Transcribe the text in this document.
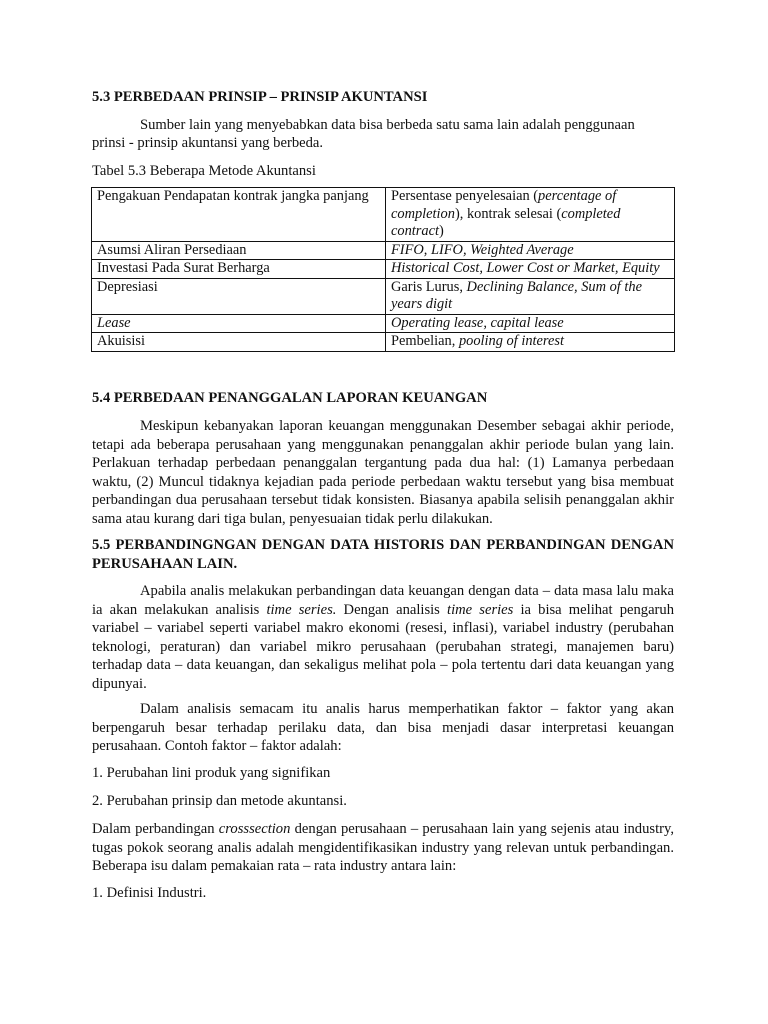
5.3 PERBEDAAN PRINSIP – PRINSIP AKUNTANSI

Sumber lain yang menyebabkan data bisa berbeda satu sama lain adalah penggunaan

prinsi - prinsip akuntansi yang berbeda.

Tabel 5.3 Beberapa Metode Akuntansi

Pengakuan Pendapatan kontrak jangka panjang	Persentase penyelesaian (percentage of completion), kontrak selesai (completed contract)
Asumsi Aliran Persediaan	FIFO, LIFO, Weighted Average
Investasi Pada Surat Berharga	Historical Cost, Lower Cost or Market, Equity
Depresiasi	Garis Lurus, Declining Balance, Sum of the years digit
Lease	Operating lease, capital lease
Akuisisi	Pembelian, pooling of interest
5.4 PERBEDAAN PENANGGALAN LAPORAN KEUANGAN

Meskipun kebanyakan laporan keuangan menggunakan Desember sebagai akhir periode, tetapi ada beberapa perusahaan yang menggunakan penanggalan akhir periode bulan yang lain. Perlakuan terhadap perbedaan penanggalan tergantung pada dua hal: (1) Lamanya perbedaan waktu, (2) Muncul tidaknya kejadian pada periode perbedaan waktu tersebut yang bisa membuat perbandingan dua perusahaan tersebut tidak konsisten. Biasanya apabila selisih penanggalan akhir sama atau kurang dari tiga bulan, penyesuaian tidak perlu dilakukan.

5.5 PERBANDINGNGAN DENGAN DATA HISTORIS DAN PERBANDINGAN DENGAN PERUSAHAAN LAIN.

Apabila analis melakukan perbandingan data keuangan dengan data – data masa lalu maka ia akan melakukan analisis time series. Dengan analisis time series ia bisa melihat pengaruh variabel – variabel seperti variabel makro ekonomi (resesi, inflasi), variabel industry (perubahan teknologi, peraturan) dan variabel mikro perusahaan (perubahan strategi, manajemen baru) terhadap data – data keuangan, dan sekaligus melihat pola – pola tertentu dari data keuangan yang dipunyai.

Dalam analisis semacam itu analis harus memperhatikan faktor – faktor yang akan berpengaruh besar terhadap perilaku data, dan bisa menjadi dasar interpretasi keuangan perusahaan. Contoh faktor – faktor adalah:

1. Perubahan lini produk yang signifikan

2. Perubahan prinsip dan metode akuntansi.

Dalam perbandingan crosssection dengan perusahaan – perusahaan lain yang sejenis atau industry, tugas pokok seorang analis adalah mengidentifikasikan industry yang relevan untuk perbandingan. Beberapa isu dalam pemakaian rata – rata industry antara lain:

1. Definisi Industri.
